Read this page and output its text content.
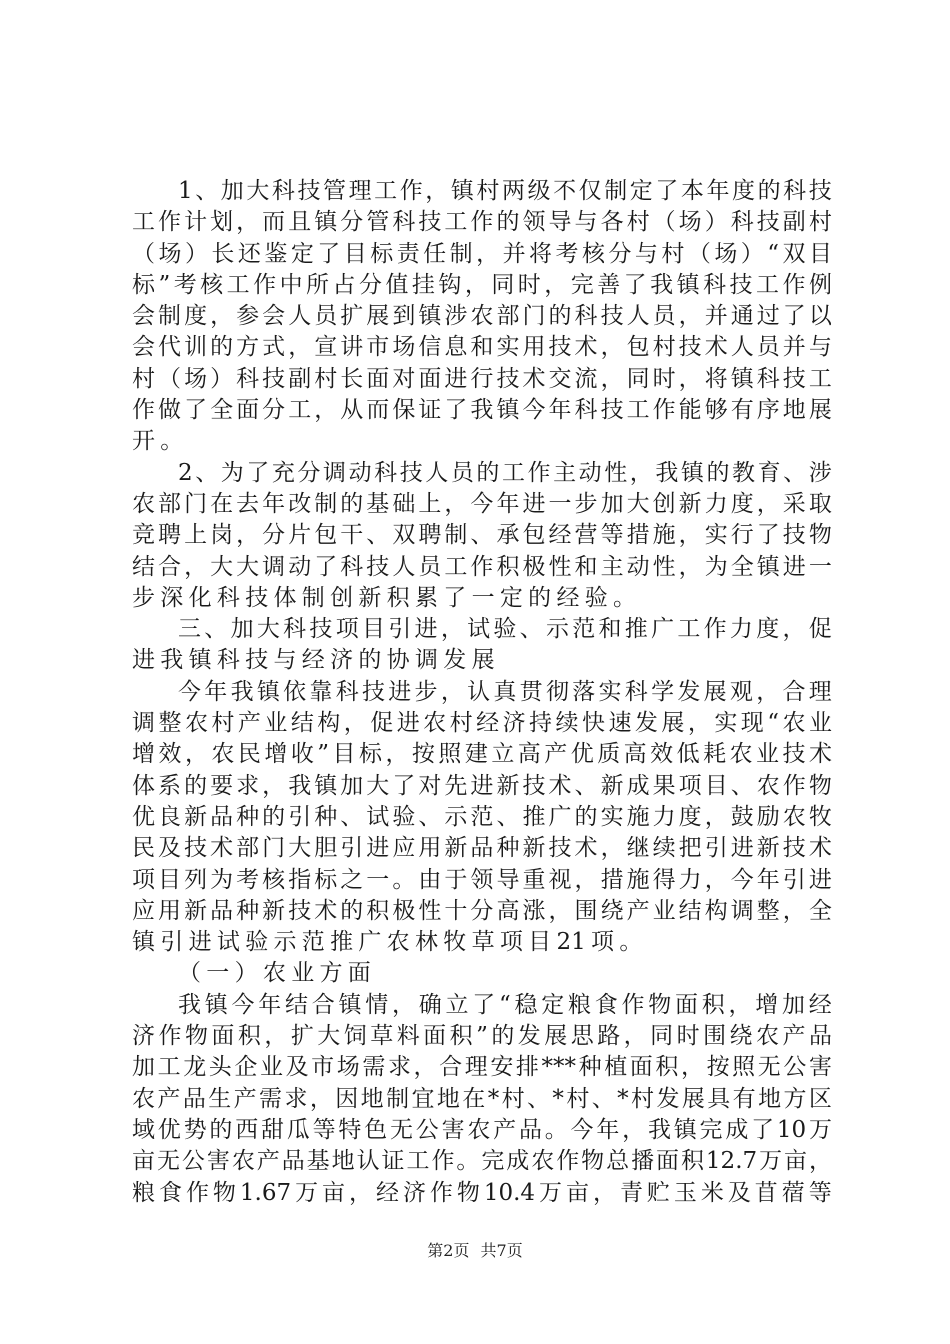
1 、 加 大 科 技 管 理 工 作 ， 镇 村 两 级 不 仅 制 定 了 本 年 度 的 科 技
工 作 计 划 ， 而 且 镇 分 管 科 技 工 作 的 领 导 与 各 村 （ 场 ） 科 技 副 村
（ 场 ） 长 还 鉴 定 了 目 标 责 任 制 ， 并 将 考 核 分 与 村 （ 场 ） “ 双 目
标 ” 考 核 工 作 中 所 占 分 值 挂 钩 ， 同 时 ， 完 善 了 我 镇 科 技 工 作 例
会 制 度 ， 参 会 人 员 扩 展 到 镇 涉 农 部 门 的 科 技 人 员 ， 并 通 过 了 以
会 代 训 的 方 式 ， 宣 讲 市 场 信 息 和 实 用 技 术 ， 包 村 技 术 人 员 并 与
村 （ 场 ） 科 技 副 村 长 面 对 面 进 行 技 术 交 流 ， 同 时 ， 将 镇 科 技 工
作 做 了 全 面 分 工 ， 从 而 保 证 了 我 镇 今 年 科 技 工 作 能 够 有 序 地 展
开 。
2 、 为 了 充 分 调 动 科 技 人 员 的 工 作 主 动 性 ， 我 镇 的 教 育 、 涉
农 部 门 在 去 年 改 制 的 基 础 上 ， 今 年 进 一 步 加 大 创 新 力 度 ， 采 取
竞 聘 上 岗 ， 分 片 包 干 、 双 聘 制 、 承 包 经 营 等 措 施 ， 实 行 了 技 物
结 合 ， 大 大 调 动 了 科 技 人 员 工 作 积 极 性 和 主 动 性 ， 为 全 镇 进 一
步 深 化 科 技 体 制 创 新 积 累 了 一 定 的 经 验 。
三 、 加 大 科 技 项 目 引 进 ， 试 验 、 示 范 和 推 广 工 作 力 度 ， 促
进 我 镇 科 技 与 经 济 的 协 调 发 展
今 年 我 镇 依 靠 科 技 进 步 ， 认 真 贯 彻 落 实 科 学 发 展 观 ， 合 理
调 整 农 村 产 业 结 构 ， 促 进 农 村 经 济 持 续 快 速 发 展 ， 实 现 “ 农 业
增 效 ， 农 民 增 收 ” 目 标 ， 按 照 建 立 高 产 优 质 高 效 低 耗 农 业 技 术
体 系 的 要 求 ， 我 镇 加 大 了 对 先 进 新 技 术 、 新 成 果 项 目 、 农 作 物
优 良 新 品 种 的 引 种 、 试 验 、 示 范 、 推 广 的 实 施 力 度 ， 鼓 励 农 牧
民 及 技 术 部 门 大 胆 引 进 应 用 新 品 种 新 技 术 ， 继 续 把 引 进 新 技 术
项 目 列 为 考 核 指 标 之 一 。 由 于 领 导 重 视 ， 措 施 得 力 ， 今 年 引 进
应 用 新 品 种 新 技 术 的 积 极 性 十 分 高 涨 ， 围 绕 产 业 结 构 调 整 ， 全
镇 引 进 试 验 示 范 推 广 农 林 牧 草 项 目 21 项 。
（ 一 ） 农 业 方 面
我 镇 今 年 结 合 镇 情 ， 确 立 了 “ 稳 定 粮 食 作 物 面 积 ， 增 加 经
济 作 物 面 积 ， 扩 大 饲 草 料 面 积 ” 的 发 展 思 路 ， 同 时 围 绕 农 产 品
加 工 龙 头 企 业 及 市 场 需 求 ， 合 理 安 排 *** 种 植 面 积 ， 按 照 无 公 害
农 产 品 生 产 需 求 ， 因 地 制 宜 地 在 * 村 、 * 村 、 * 村 发 展 具 有 地 方 区
域 优 势 的 西 甜 瓜 等 特 色 无 公 害 农 产 品 。 今 年 ， 我 镇 完 成 了 10 万
亩 无 公 害 农 产 品 基 地 认 证 工 作 。 完 成 农 作 物 总 播 面 积 12.7 万 亩 ，
粮 食 作 物 1.67 万 亩 ， 经 济 作 物 10.4 万 亩 ， 青 贮 玉 米 及 苜 蓿 等
第2页 共7页
